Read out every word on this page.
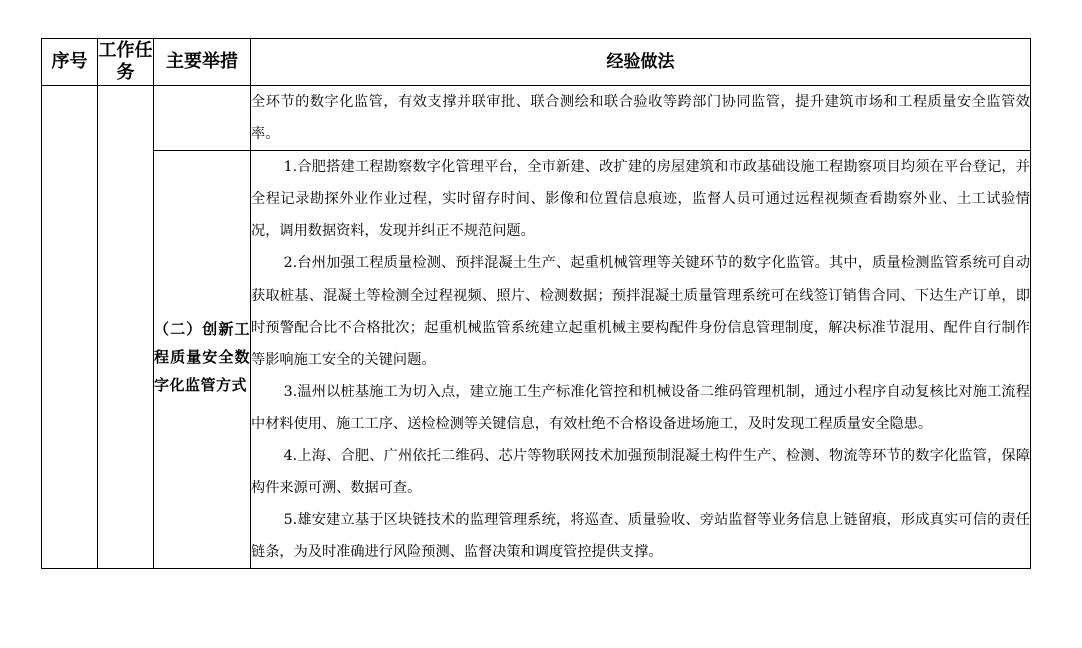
序号	工作任务	主要举措	经验做法

			全环节的数字化监管，有效支撑并联审批、联合测绘和联合验收等跨部门协同监管，提升建筑市场和工程质量安全监管效率。

		（二）创新工程质量安全数字化监管方式	1.合肥搭建工程勘察数字化管理平台，全市新建、改扩建的房屋建筑和市政基础设施工程勘察项目均须在平台登记，并全程记录勘探外业作业过程，实时留存时间、影像和位置信息痕迹，监督人员可通过远程视频查看勘察外业、土工试验情况，调用数据资料，发现并纠正不规范问题。

2.台州加强工程质量检测、预拌混凝土生产、起重机械管理等关键环节的数字化监管。其中，质量检测监管系统可自动获取桩基、混凝土等检测全过程视频、照片、检测数据；预拌混凝土质量管理系统可在线签订销售合同、下达生产订单，即时预警配合比不合格批次；起重机械监管系统建立起重机械主要构配件身份信息管理制度，解决标准节混用、配件自行制作等影响施工安全的关键问题。

3.温州以桩基施工为切入点，建立施工生产标准化管控和机械设备二维码管理机制，通过小程序自动复核比对施工流程中材料使用、施工工序、送检检测等关键信息，有效杜绝不合格设备进场施工，及时发现工程质量安全隐患。

4.上海、合肥、广州依托二维码、芯片等物联网技术加强预制混凝土构件生产、检测、物流等环节的数字化监管，保障构件来源可溯、数据可查。

5.雄安建立基于区块链技术的监理管理系统，将巡查、质量验收、旁站监督等业务信息上链留痕，形成真实可信的责任链条，为及时准确进行风险预测、监督决策和调度管控提供支撑。
